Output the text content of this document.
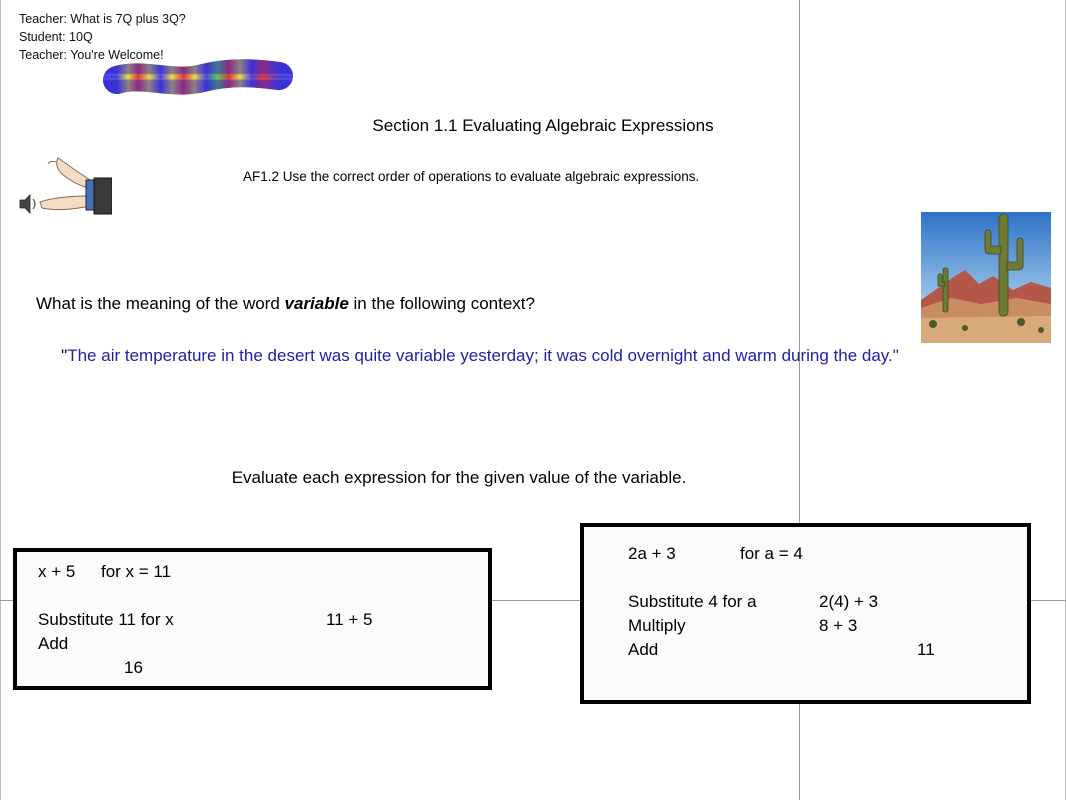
Teacher: What is 7Q plus 3Q?
Student: 10Q
Teacher: You're Welcome!
Section 1.1 Evaluating Algebraic Expressions
AF1.2 Use the correct order of operations to evaluate algebraic expressions.
What is the meaning of the word variable in the following context?
"The air temperature in the desert was quite variable yesterday; it was cold overnight and warm during the day."
Evaluate each expression for the given value of the variable.
x + 5 for x = 11
Substitute 11 for x	11 + 5
Add
16
2a + 3	for a = 4
Substitute 4 for a	2(4) + 3
Multiply	8 + 3
Add	11
